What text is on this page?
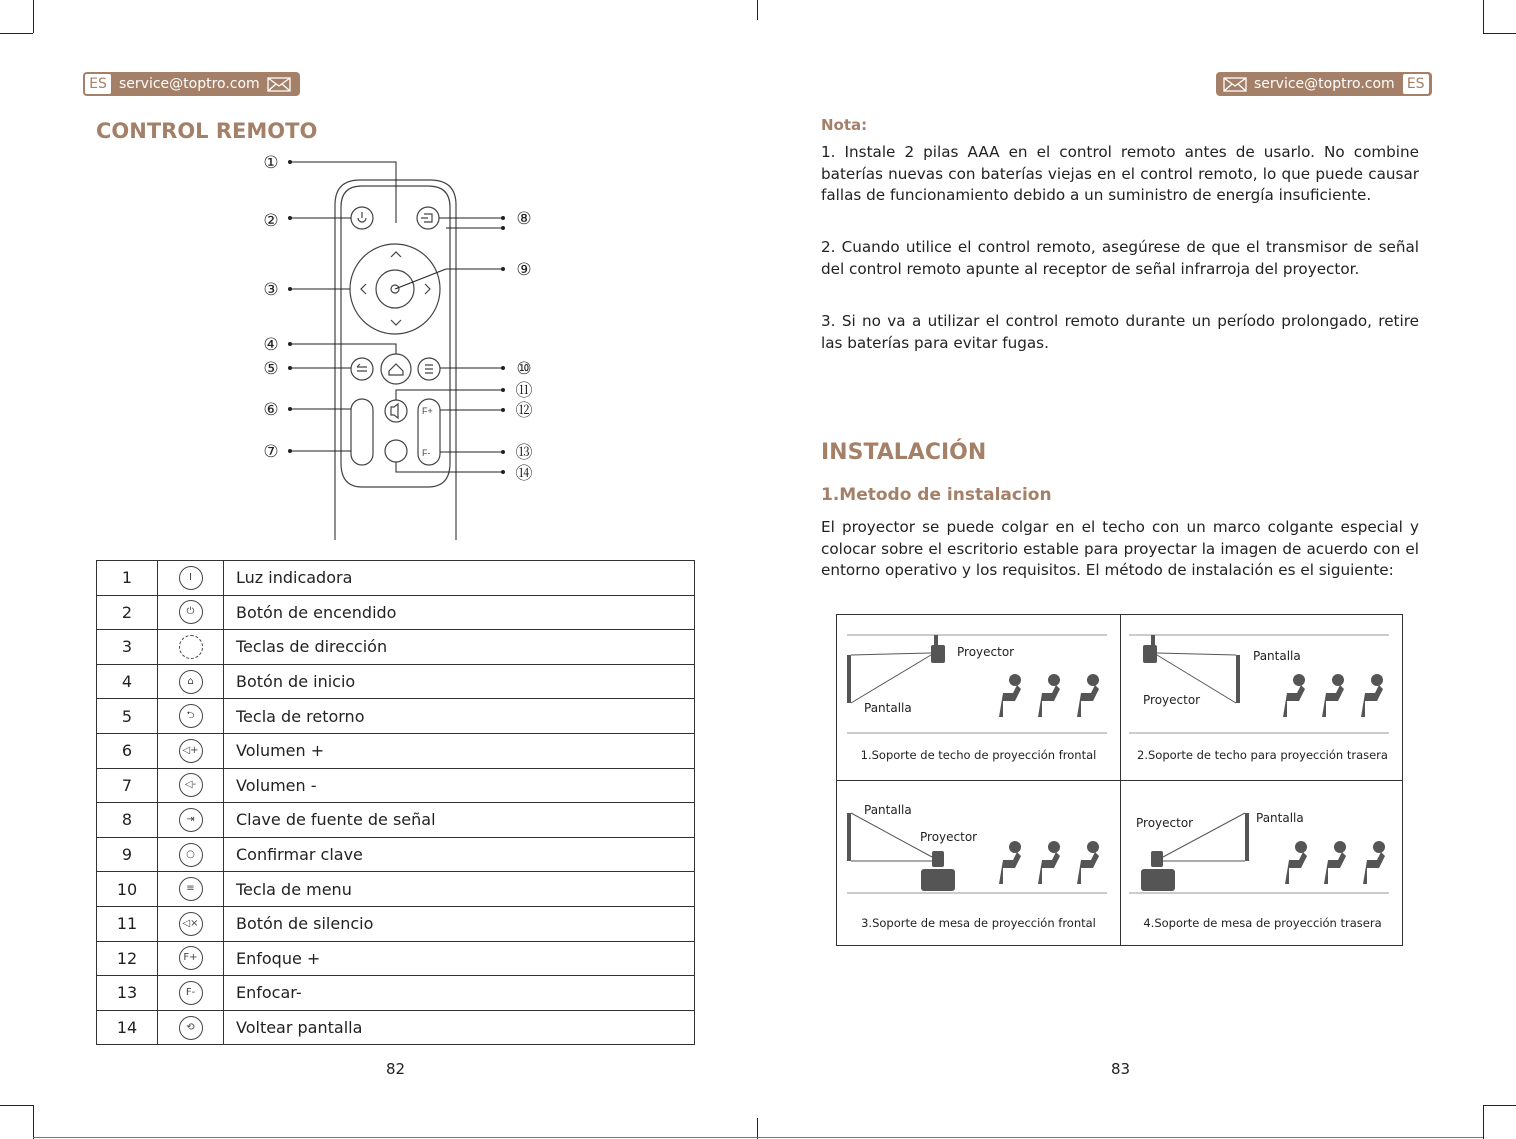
ES service@toptro.com
CONTROL REMOTO
F+
F-
①
②
③
④
⑤
⑥
⑦
⑧
⑨
⑩
⑪
⑫
⑬
⑭
1	I	Luz indicadora
2	⏻	Botón de encendido
3		Teclas de dirección
4	⌂	Botón de inicio
5	⮌	Tecla de retorno
6	◁+	Volumen +
7	◁-	Volumen -
8	⇥	Clave de fuente de señal
9	○	Confirmar clave
10	≡	Tecla de menu
11	◁×	Botón de silencio
12	F+	Enfoque +
13	F-	Enfocar-
14	⟲	Voltear pantalla
82
service@toptro.com ES
Nota:
1. Instale 2 pilas AAA en el control remoto antes de usarlo. No combine baterías nuevas con baterías viejas en el control remoto, lo que puede causar fallas de funcionamiento debido a un suministro de energía insuficiente.
2. Cuando utilice el control remoto, asegúrese de que el transmisor de señal del control remoto apunte al receptor de señal infrarroja del proyector.
3. Si no va a utilizar el control remoto durante un período prolongado, retire las baterías para evitar fugas.
INSTALACIÓN
1.Metodo de instalacion
El proyector se puede colgar en el techo con un marco colgante especial y colocar sobre el escritorio estable para proyectar la imagen de acuerdo con el entorno operativo y los requisitos. El método de instalación es el siguiente:
Proyector
Pantalla
1.Soporte de techo de proyección frontal
Pantalla
Proyector
2.Soporte de techo para proyección trasera
Pantalla
Proyector
3.Soporte de mesa de proyección frontal
Proyector	Pantalla
4.Soporte de mesa de proyección trasera
83
